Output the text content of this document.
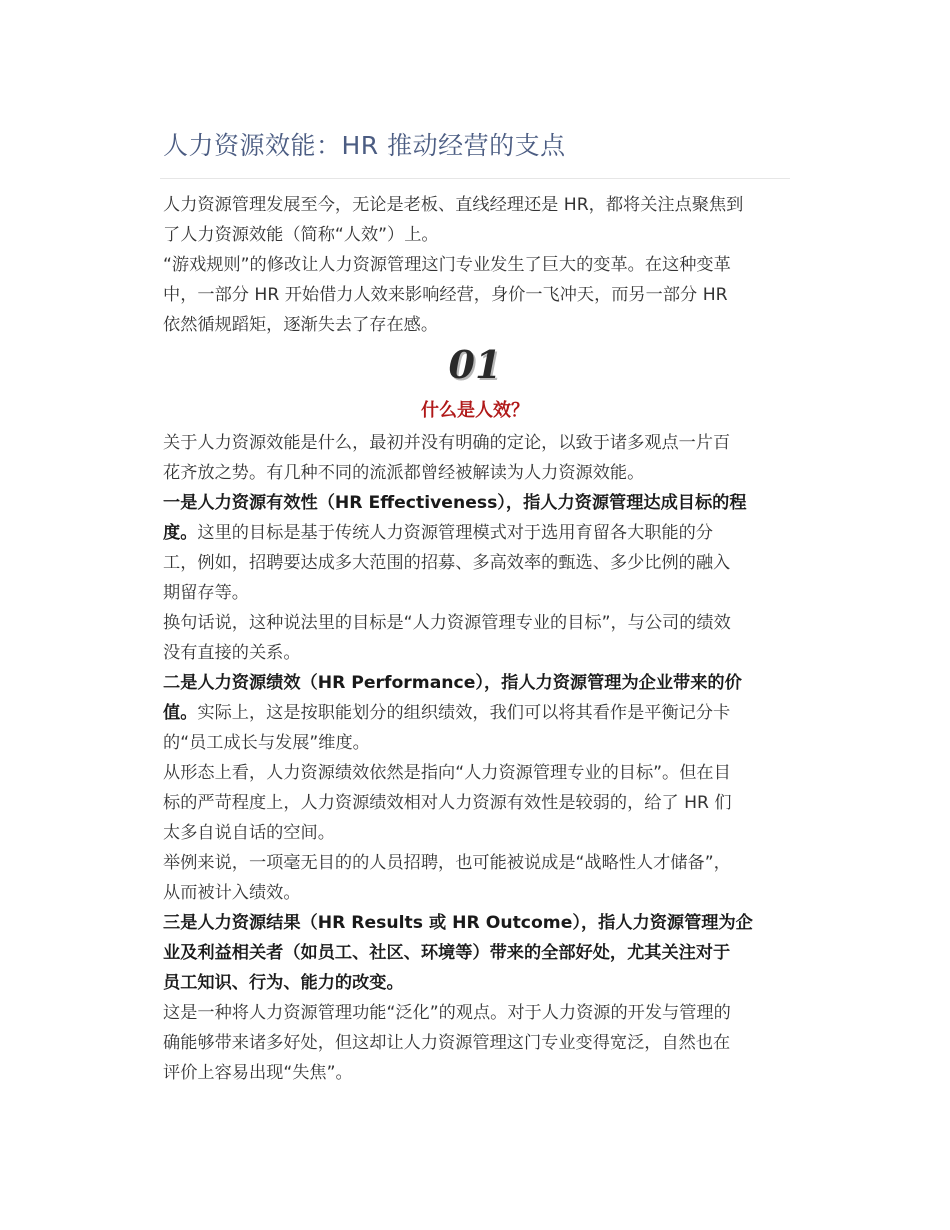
人力资源效能：HR 推动经营的支点
人力资源管理发展至今，无论是老板、直线经理还是 HR，都将关注点聚焦到
了人力资源效能（简称“人效”）上。
“游戏规则”的修改让人力资源管理这门专业发生了巨大的变革。在这种变革
中，一部分 HR 开始借力人效来影响经营，身价一飞冲天，而另一部分 HR
依然循规蹈矩，逐渐失去了存在感。
01
什么是人效？
关于人力资源效能是什么，最初并没有明确的定论，以致于诸多观点一片百
花齐放之势。有几种不同的流派都曾经被解读为人力资源效能。
一是人力资源有效性（HR Effectiveness），指人力资源管理达成目标的程
度。这里的目标是基于传统人力资源管理模式对于选用育留各大职能的分
工，例如，招聘要达成多大范围的招募、多高效率的甄选、多少比例的融入
期留存等。
换句话说，这种说法里的目标是“人力资源管理专业的目标”，与公司的绩效
没有直接的关系。
二是人力资源绩效（HR Performance），指人力资源管理为企业带来的价
值。实际上，这是按职能划分的组织绩效，我们可以将其看作是平衡记分卡
的“员工成长与发展”维度。
从形态上看，人力资源绩效依然是指向“人力资源管理专业的目标”。但在目
标的严苛程度上，人力资源绩效相对人力资源有效性是较弱的，给了 HR 们
太多自说自话的空间。
举例来说，一项毫无目的的人员招聘，也可能被说成是“战略性人才储备”，
从而被计入绩效。
三是人力资源结果（HR Results 或 HR Outcome），指人力资源管理为企
业及利益相关者（如员工、社区、环境等）带来的全部好处，尤其关注对于
员工知识、行为、能力的改变。
这是一种将人力资源管理功能“泛化”的观点。对于人力资源的开发与管理的
确能够带来诸多好处，但这却让人力资源管理这门专业变得宽泛，自然也在
评价上容易出现“失焦”。
